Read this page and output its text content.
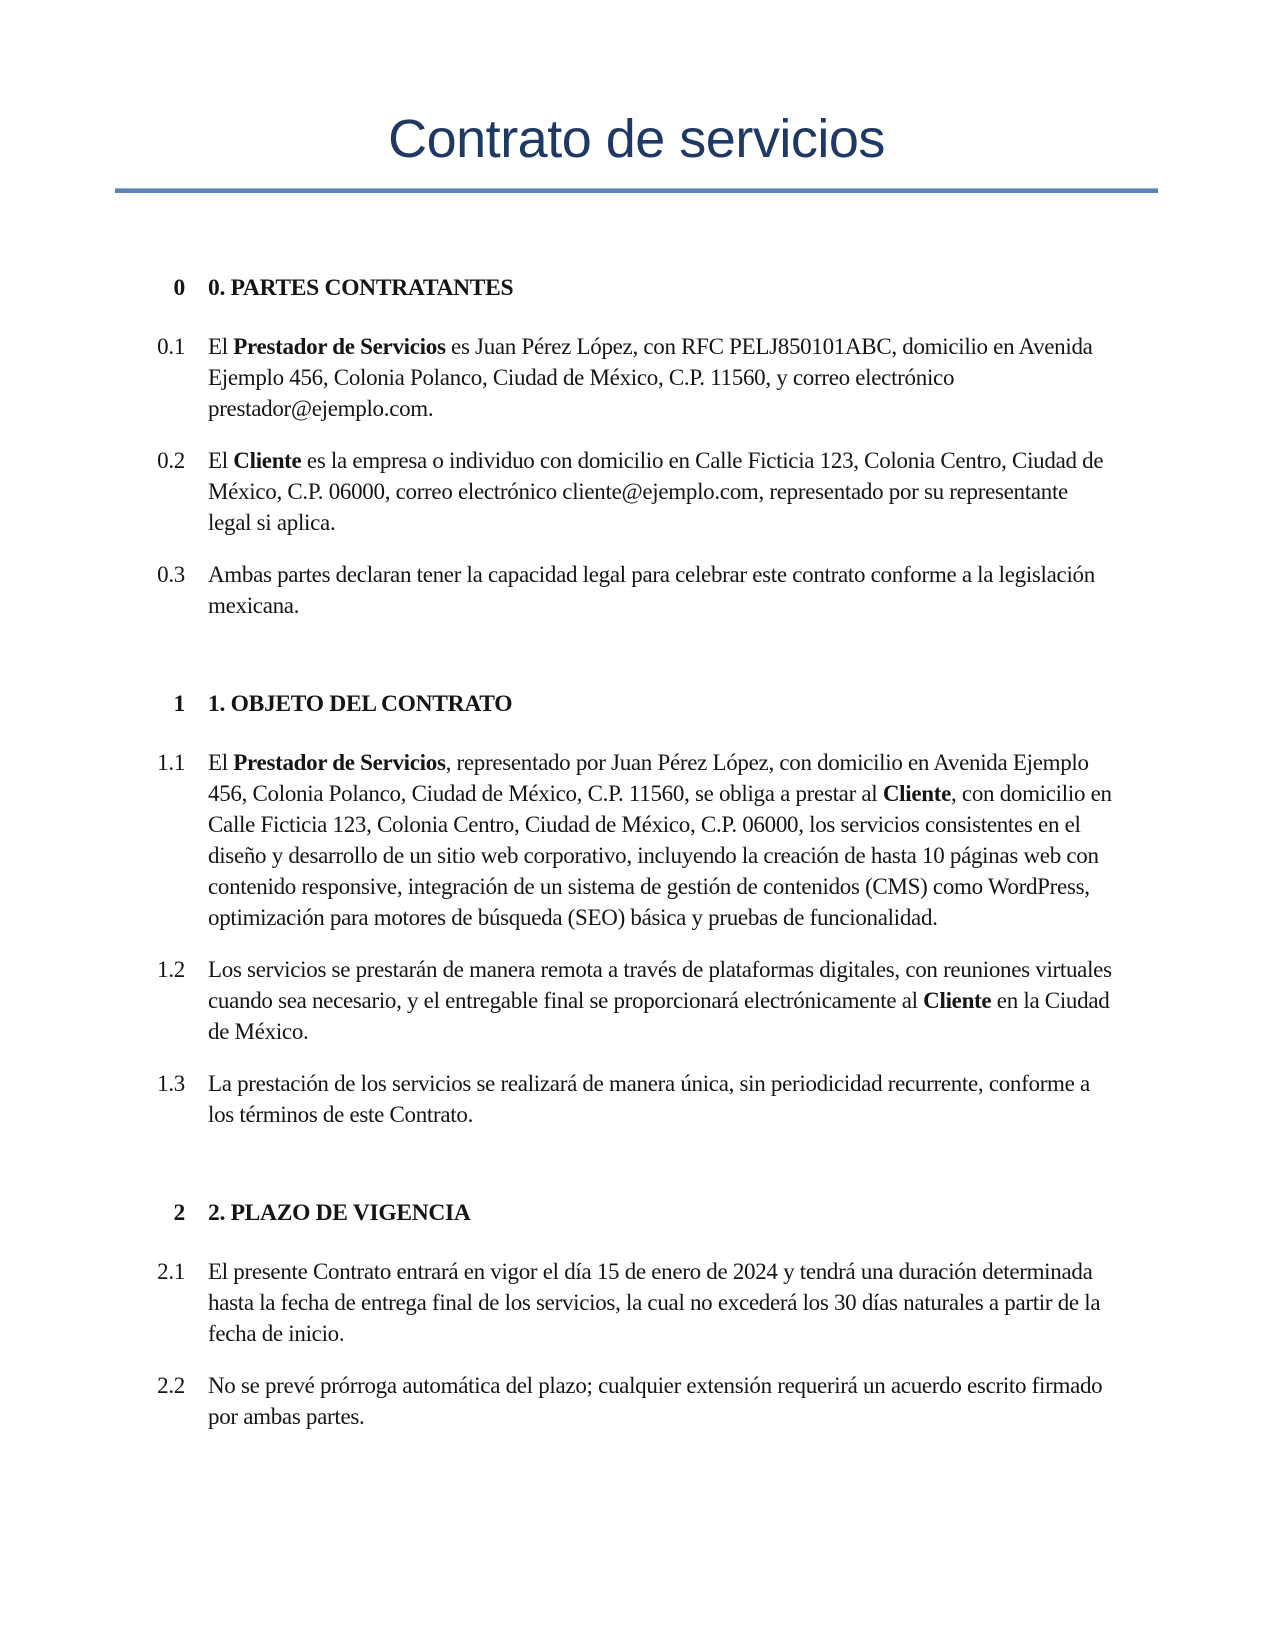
Contrato de servicios
0 0. PARTES CONTRATANTES
0.1	El Prestador de Servicios es Juan Pérez López, con RFC PELJ850101ABC, domicilio en Avenida Ejemplo 456, Colonia Polanco, Ciudad de México, C.P. 11560, y correo electrónico prestador@ejemplo.com.

0.2	El Cliente es la empresa o individuo con domicilio en Calle Ficticia 123, Colonia Centro, Ciudad de México, C.P. 06000, correo electrónico cliente@ejemplo.com, representado por su representante legal si aplica.

0.3	Ambas partes declaran tener la capacidad legal para celebrar este contrato conforme a la legislación mexicana.

1 1. OBJETO DEL CONTRATO
1.1	El Prestador de Servicios, representado por Juan Pérez López, con domicilio en Avenida Ejemplo 456, Colonia Polanco, Ciudad de México, C.P. 11560, se obliga a prestar al Cliente, con domicilio en Calle Ficticia 123, Colonia Centro, Ciudad de México, C.P. 06000, los servicios consistentes en el diseño y desarrollo de un sitio web corporativo, incluyendo la creación de hasta 10 páginas web con contenido responsive, integración de un sistema de gestión de contenidos (CMS) como WordPress, optimización para motores de búsqueda (SEO) básica y pruebas de funcionalidad.

1.2	Los servicios se prestarán de manera remota a través de plataformas digitales, con reuniones virtuales cuando sea necesario, y el entregable final se proporcionará electrónicamente al Cliente en la Ciudad de México.

1.3	La prestación de los servicios se realizará de manera única, sin periodicidad recurrente, conforme a los términos de este Contrato.

2 2. PLAZO DE VIGENCIA
2.1	El presente Contrato entrará en vigor el día 15 de enero de 2024 y tendrá una duración determinada hasta la fecha de entrega final de los servicios, la cual no excederá los 30 días naturales a partir de la fecha de inicio.

2.2	No se prevé prórroga automática del plazo; cualquier extensión requerirá un acuerdo escrito firmado por ambas partes.
